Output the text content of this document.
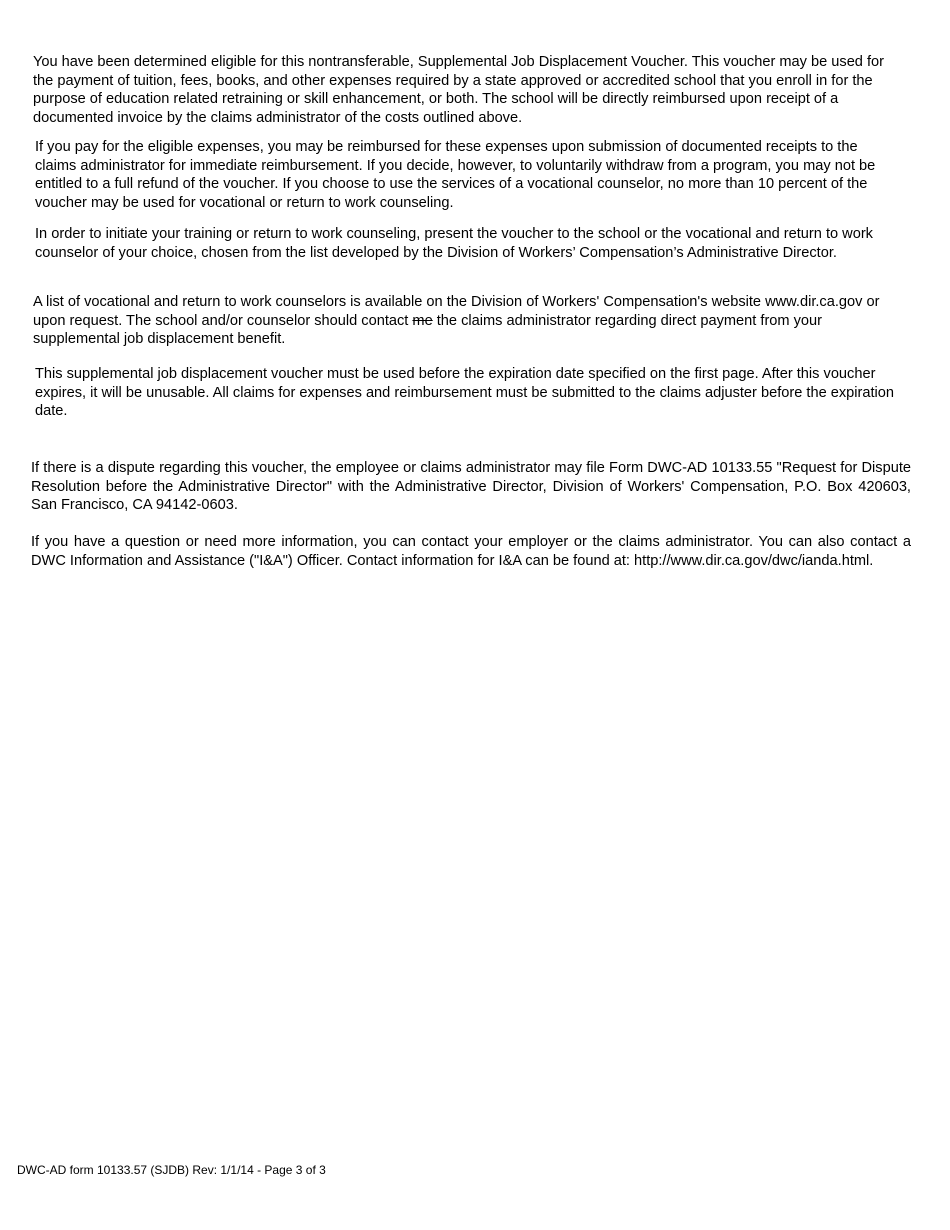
You have been determined eligible for this nontransferable, Supplemental Job Displacement Voucher. This voucher may be used for the payment of tuition, fees, books, and other expenses required by a state approved or accredited school that you enroll in for the purpose of education related retraining or skill enhancement, or both. The school will be directly reimbursed upon receipt of a documented invoice by the claims administrator of the costs outlined above.

If you pay for the eligible expenses, you may be reimbursed for these expenses upon submission of documented receipts to the claims administrator for immediate reimbursement. If you decide, however, to voluntarily withdraw from a program, you may not be entitled to a full refund of the voucher. If you choose to use the services of a vocational counselor, no more than 10 percent of the voucher may be used for vocational or return to work counseling.

In order to initiate your training or return to work counseling, present the voucher to the school or the vocational and return to work counselor of your choice, chosen from the list developed by the Division of Workers’ Compensation’s Administrative Director.

A list of vocational and return to work counselors is available on the Division of Workers' Compensation's website www.dir.ca.gov or upon request. The school and/or counselor should contact me the claims administrator regarding direct payment from your supplemental job displacement benefit.

This supplemental job displacement voucher must be used before the expiration date specified on the first page. After this voucher expires, it will be unusable. All claims for expenses and reimbursement must be submitted to the claims adjuster before the expiration date.

If there is a dispute regarding this voucher, the employee or claims administrator may file Form DWC-AD 10133.55 "Request for Dispute Resolution before the Administrative Director" with the Administrative Director, Division of Workers' Compensation, P.O. Box 420603, San Francisco, CA 94142-0603.

If you have a question or need more information, you can contact your employer or the claims administrator. You can also contact a DWC Information and Assistance ("I&A") Officer. Contact information for I&A can be found at: http://www.dir.ca.gov/dwc/ianda.html.

DWC-AD form 10133.57 (SJDB) Rev: 1/1/14 - Page 3 of 3
